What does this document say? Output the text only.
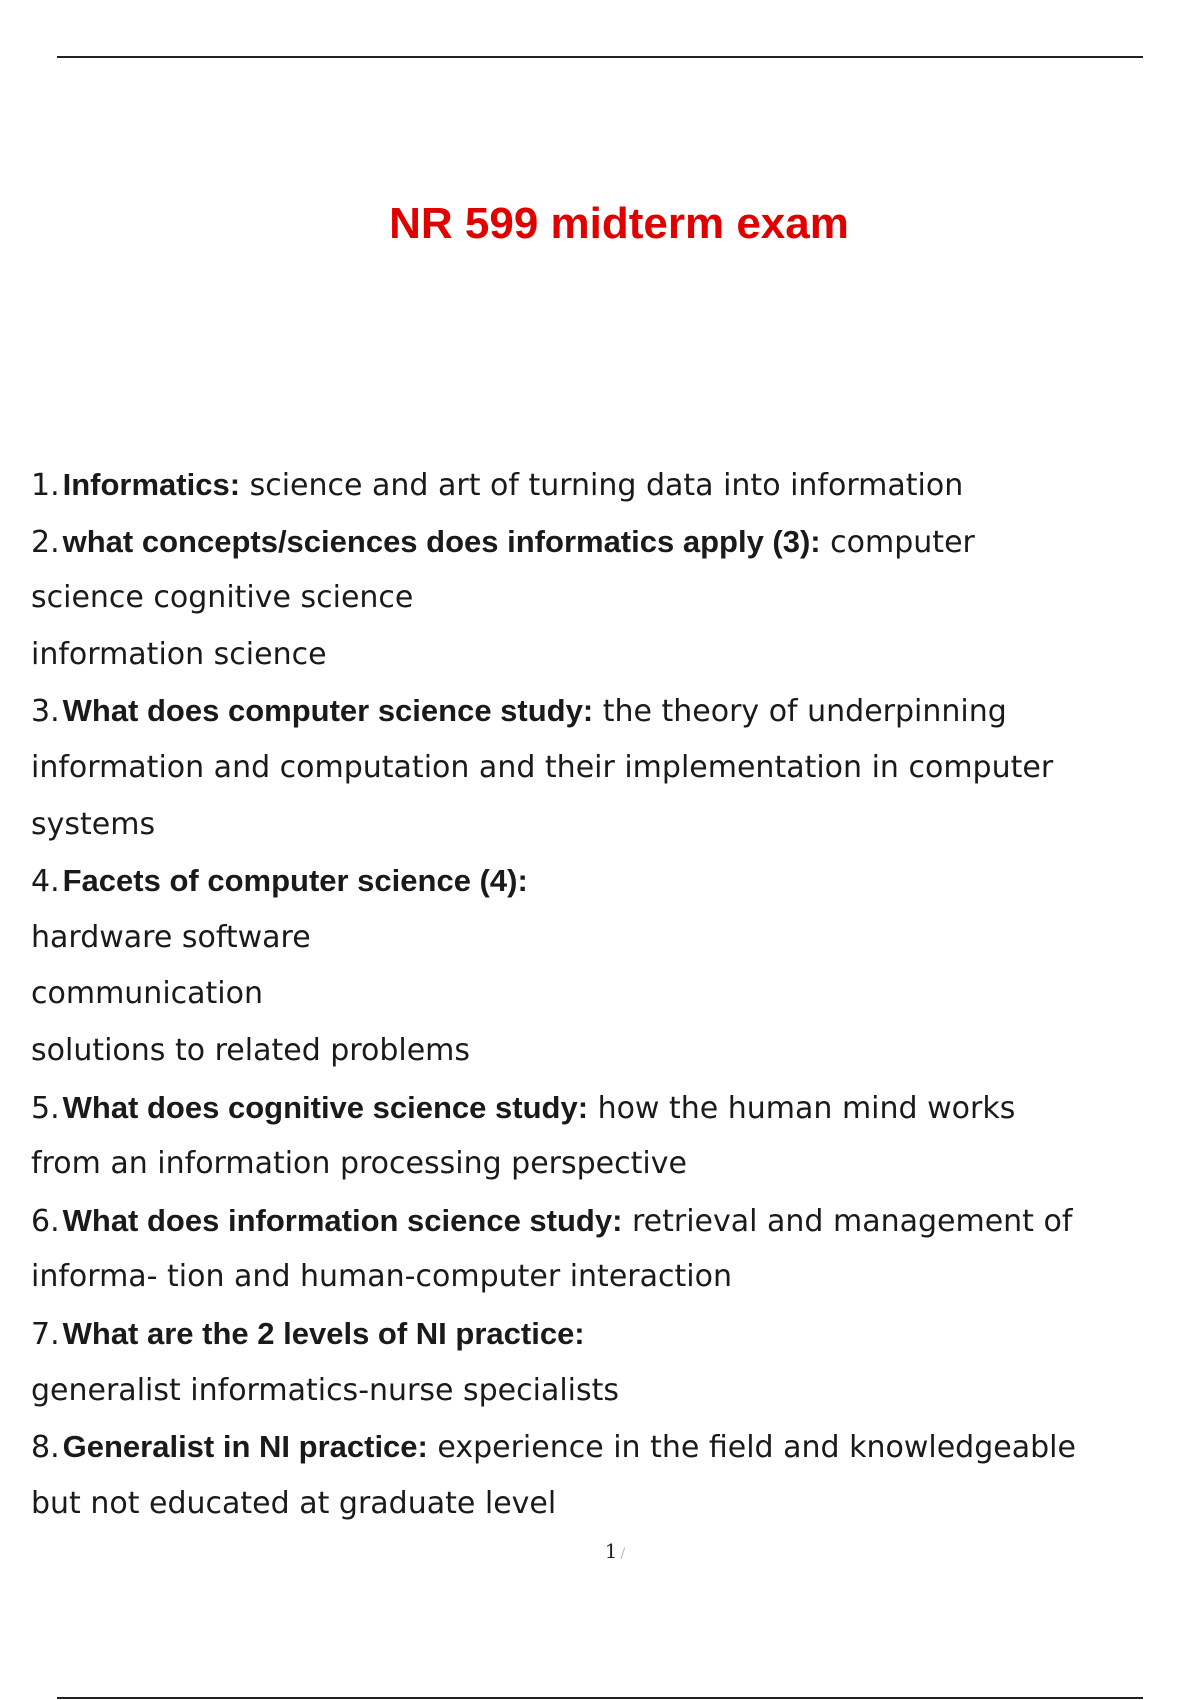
NR 599 midterm exam
1.Informatics: science and art of turning data into information
2.what concepts/sciences does informatics apply (3): computer
science cognitive science
information science
3.What does computer science study: the theory of underpinning
information and computation and their implementation in computer
systems
4.Facets of computer science (4):
hardware software
communication
solutions to related problems
5.What does cognitive science study: how the human mind works
from an information processing perspective
6.What does information science study: retrieval and management of
informa- tion and human-computer interaction
7.What are the 2 levels of NI practice:
generalist informatics-nurse specialists
8.Generalist in NI practice: experience in the field and knowledgeable
but not educated at graduate level
1 /
